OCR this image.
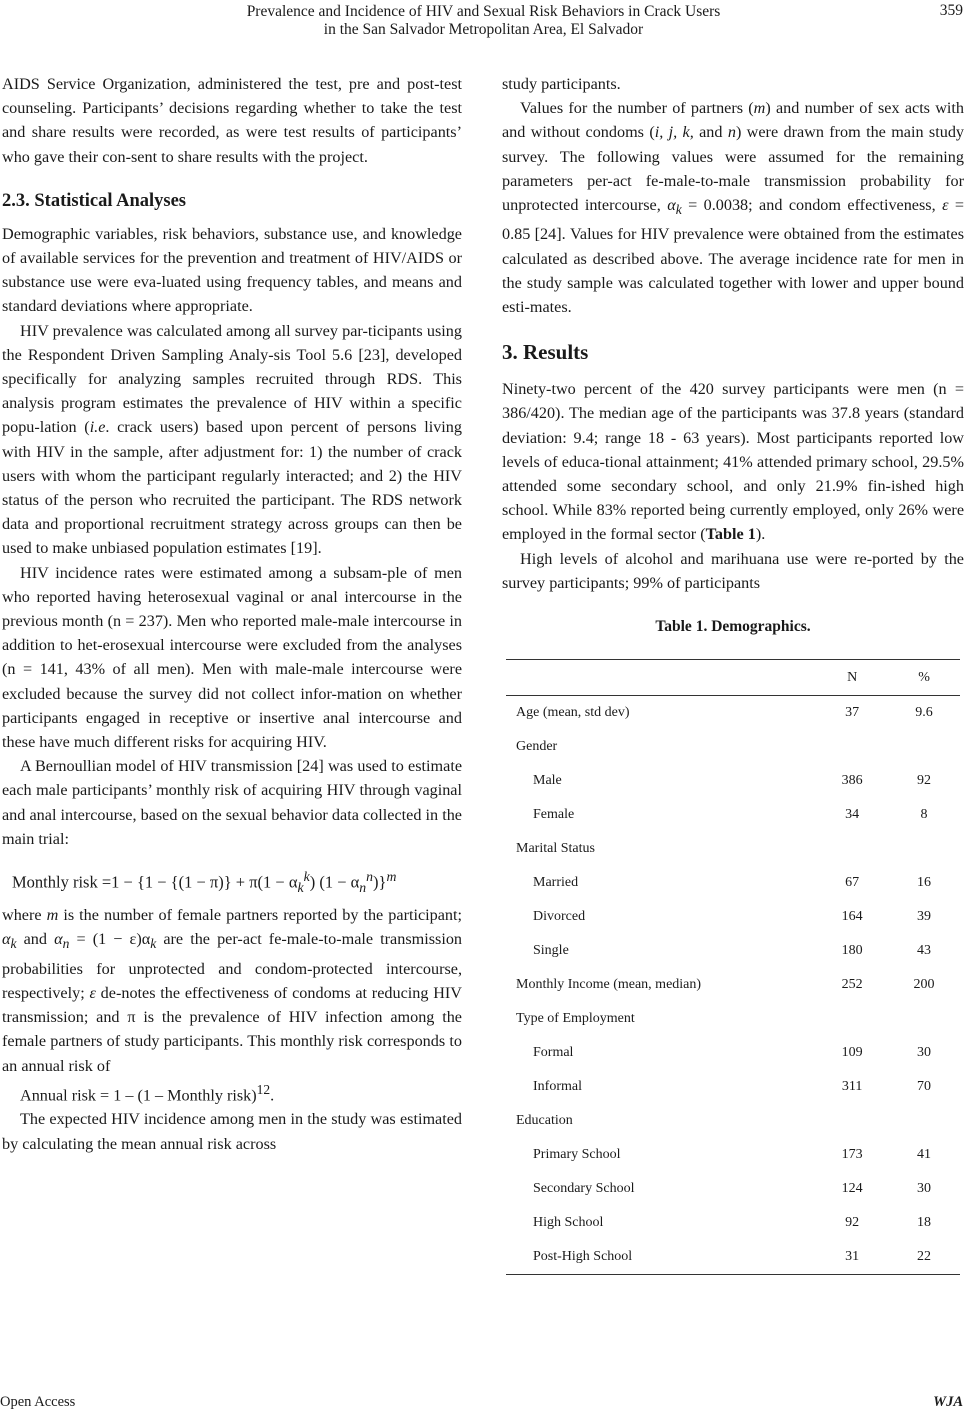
Prevalence and Incidence of HIV and Sexual Risk Behaviors in Crack Users
in the San Salvador Metropolitan Area, El Salvador
359

AIDS Service Organization, administered the test, pre and post-test counseling. Participants’ decisions regarding whether to take the test and share results were recorded, as were test results of participants’ who gave their con-sent to share results with the project.

2.3. Statistical Analyses

Demographic variables, risk behaviors, substance use, and knowledge of available services for the prevention and treatment of HIV/AIDS or substance use were eva-luated using frequency tables, and means and standard deviations where appropriate.

HIV prevalence was calculated among all survey par-ticipants using the Respondent Driven Sampling Analy-sis Tool 5.6 [23], developed specifically for analyzing samples recruited through RDS. This analysis program estimates the prevalence of HIV within a specific popu-lation (i.e. crack users) based upon percent of persons living with HIV in the sample, after adjustment for: 1) the number of crack users with whom the participant regularly interacted; and 2) the HIV status of the person who recruited the participant. The RDS network data and proportional recruitment strategy across groups can then be used to make unbiased population estimates [19].

HIV incidence rates were estimated among a subsam-ple of men who reported having heterosexual vaginal or anal intercourse in the previous month (n = 237). Men who reported male-male intercourse in addition to het-erosexual intercourse were excluded from the analyses (n = 141, 43% of all men). Men with male-male intercourse were excluded because the survey did not collect infor-mation on whether participants engaged in receptive or insertive anal intercourse and these have much different risks for acquiring HIV.

A Bernoullian model of HIV transmission [24] was used to estimate each male participants’ monthly risk of acquiring HIV through vaginal and anal intercourse, based on the sexual behavior data collected in the main trial:

Monthly risk $=1 - \{1 - \{(1 - \pi)\} + \pi(1 - \alpha_k^k)$ $(1 - \alpha_n^n)\}^m$

where m is the number of female partners reported by the participant; $\alpha_k$ and $\alpha_n = (1 - \varepsilon)\alpha_k$ are the per-act fe-male-to-male transmission probabilities for unprotected and condom-protected intercourse, respectively; ε de-notes the effectiveness of condoms at reducing HIV transmission; and π is the prevalence of HIV infection among the female partners of study participants. This monthly risk corresponds to an annual risk of

Annual risk = 1 – (1 – Monthly risk)$^{12}$.

The expected HIV incidence among men in the study was estimated by calculating the mean annual risk across

study participants.

Values for the number of partners (m) and number of sex acts with and without condoms (i, j, k, and n) were drawn from the main study survey. The following values were assumed for the remaining parameters per-act fe-male-to-male transmission probability for unprotected intercourse, $\alpha_k = 0.0038$; and condom effectiveness, ε = 0.85 [24]. Values for HIV prevalence were obtained from the estimates calculated as described above. The average incidence rate for men in the study sample was calculated together with lower and upper bound esti-mates.

3. Results

Ninety-two percent of the 420 survey participants were men (n = 386/420). The median age of the participants was 37.8 years (standard deviation: 9.4; range 18 - 63 years). Most participants reported low levels of educa-tional attainment; 41% attended primary school, 29.5% attended some secondary school, and only 21.9% fin-ished high school. While 83% reported being currently employed, only 26% were employed in the formal sector (Table 1).

High levels of alcohol and marihuana use were re-ported by the survey participants; 99% of participants

Table 1. Demographics.
	N	%
Age (mean, std dev)	37	9.6
Gender		
Male	386	92
Female	34	8
Marital Status		
Married	67	16
Divorced	164	39
Single	180	43
Monthly Income (mean, median)	252	200
Type of Employment		
Formal	109	30
Informal	311	70
Education		
Primary School	173	41
Secondary School	124	30
High School	92	18
Post-High School	31	22
Open Access	WJA
